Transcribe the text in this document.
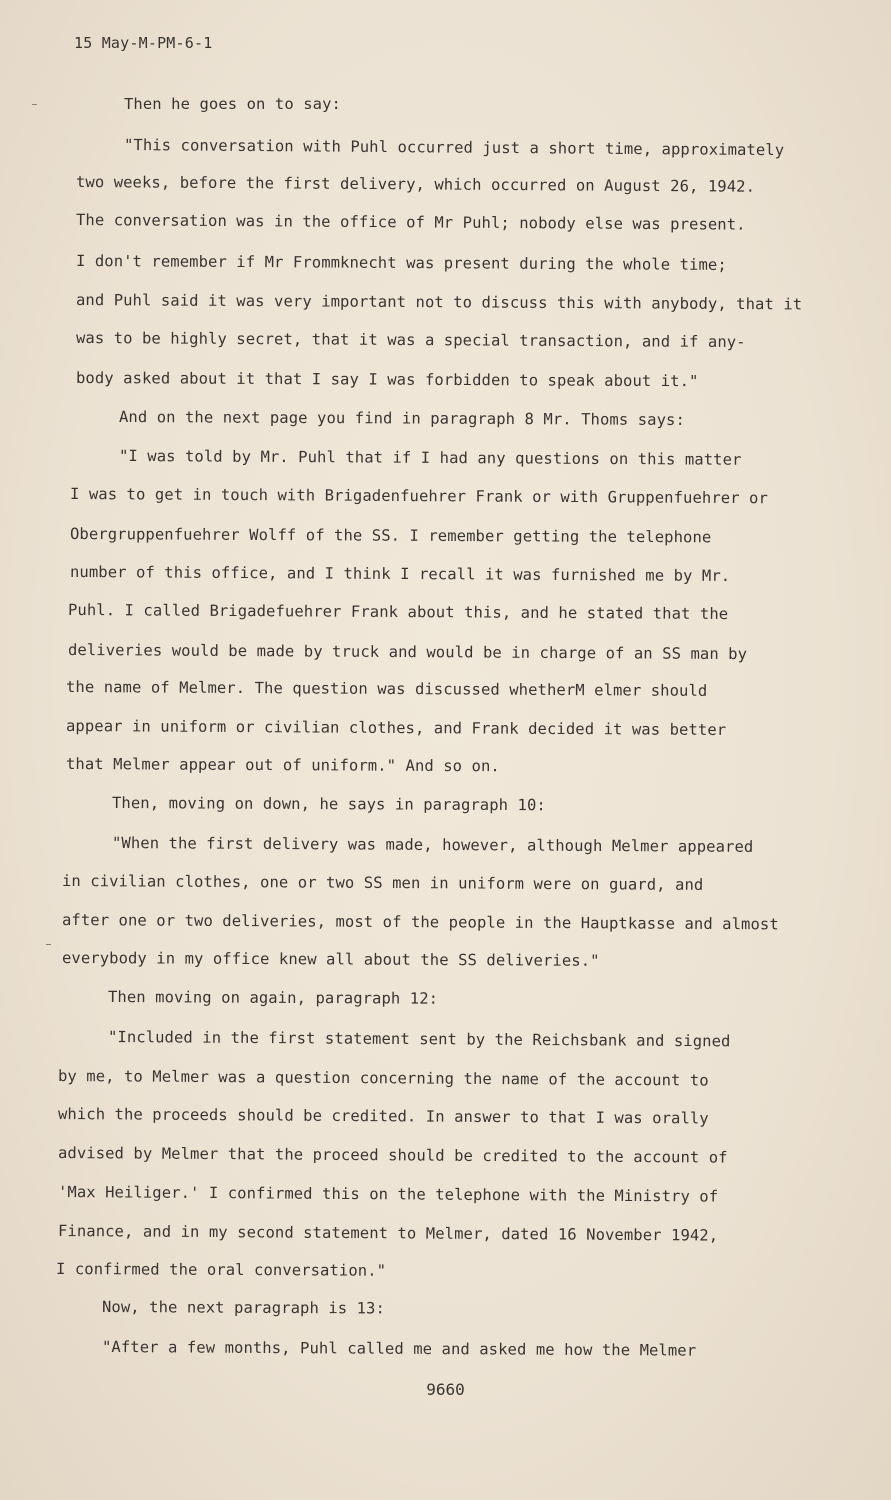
15 May-M-PM-6-1
Then he goes on to say:
"This conversation with Puhl occurred just a short time, approximately
two weeks, before the first delivery, which occurred on August 26, 1942.
The conversation was in the office of Mr Puhl; nobody else was present.
I don't remember if Mr Frommknecht was present during the whole time;
and Puhl said it was very important not to discuss this with anybody, that it
was to be highly secret, that it was a special transaction, and if any-
body asked about it that I say I was forbidden to speak about it."
And on the next page you find in paragraph 8 Mr. Thoms says:
"I was told by Mr. Puhl that if I had any questions on this matter
I was to get in touch with Brigadenfuehrer Frank or with Gruppenfuehrer or
Obergruppenfuehrer Wolff of the SS. I remember getting the telephone
number of this office, and I think I recall it was furnished me by Mr.
Puhl. I called Brigadefuehrer Frank about this, and he stated that the
deliveries would be made by truck and would be in charge of an SS man by
the name of Melmer. The question was discussed whetherM elmer should
appear in uniform or civilian clothes, and Frank decided it was better
that Melmer appear out of uniform." And so on.
Then, moving on down, he says in paragraph 10:
"When the first delivery was made, however, although Melmer appeared
in civilian clothes, one or two SS men in uniform were on guard, and
after one or two deliveries, most of the people in the Hauptkasse and almost
everybody in my office knew all about the SS deliveries."
Then moving on again, paragraph 12:
"Included in the first statement sent by the Reichsbank and signed
by me, to Melmer was a question concerning the name of the account to
which the proceeds should be credited. In answer to that I was orally
advised by Melmer that the proceed should be credited to the account of
'Max Heiliger.' I confirmed this on the telephone with the Ministry of
Finance, and in my second statement to Melmer, dated 16 November 1942,
I confirmed the oral conversation."
Now, the next paragraph is 13:
"After a few months, Puhl called me and asked me how the Melmer
9660
